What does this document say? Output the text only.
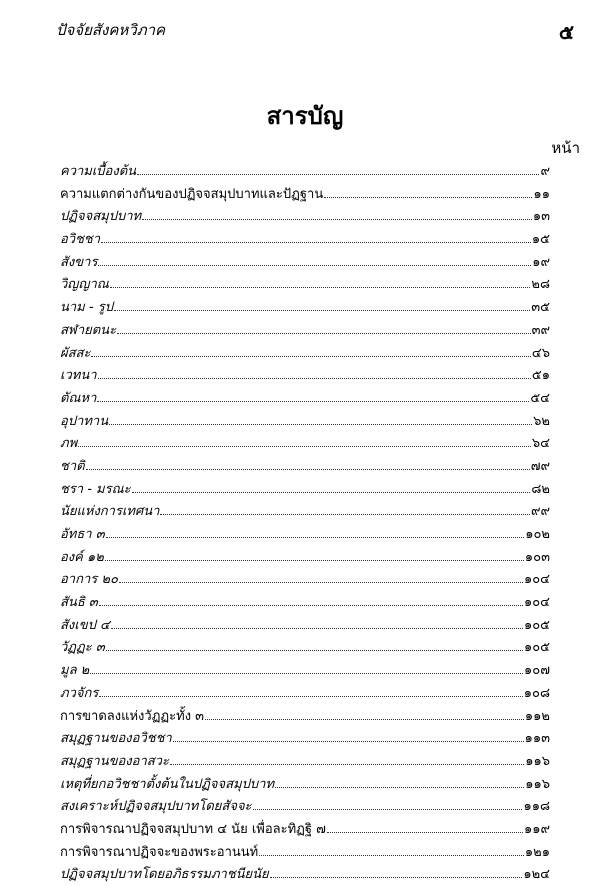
ปัจจัยสังคหวิภาค	๕
สารบัญ
หน้า
ความเบื้องต้น	๙
ความแตกต่างกันของปฏิจจสมุปบาทและปัฏฐาน	๑๑
ปฏิจจสมุปบาท	๑๓
อวิชชา	๑๕
สังขาร	๑๙
วิญญาณ	๒๘
นาม - รูป	๓๕
สฬายตนะ	๓๙
ผัสสะ	๔๖
เวทนา	๕๑
ตัณหา	๕๔
อุปาทาน	๖๒
ภพ	๖๔
ชาติ	๗๙
ชรา - มรณะ	๘๒
นัยแห่งการเทศนา	๙๙
อัทธา ๓	๑๐๒
องค์ ๑๒	๑๐๓
อาการ ๒๐	๑๐๔
สันธิ ๓	๑๐๔
สังเขป ๔	๑๐๕
วัฏฏะ ๓	๑๐๕
มูล ๒	๑๐๗
ภวจักร	๑๐๘
การขาดลงแห่งวัฏฏะทั้ง ๓	๑๑๒
สมุฏฐานของอวิชชา	๑๑๓
สมุฏฐานของอาสวะ	๑๑๖
เหตุที่ยกอวิชชาตั้งต้นในปฏิจจสมุปบาท	๑๑๖
สงเคราะห์ปฏิจจสมุปบาทโดยสัจจะ	๑๑๘
การพิจารณาปฏิจจสมุปบาท ๔ นัย เพื่อละทิฏฐิ ๗	๑๑๙
การพิจารณาปฏิจจะของพระอานนท์	๑๒๑
ปฏิจจสมุปบาทโดยอภิธรรมภาชนียนัย	๑๒๔
